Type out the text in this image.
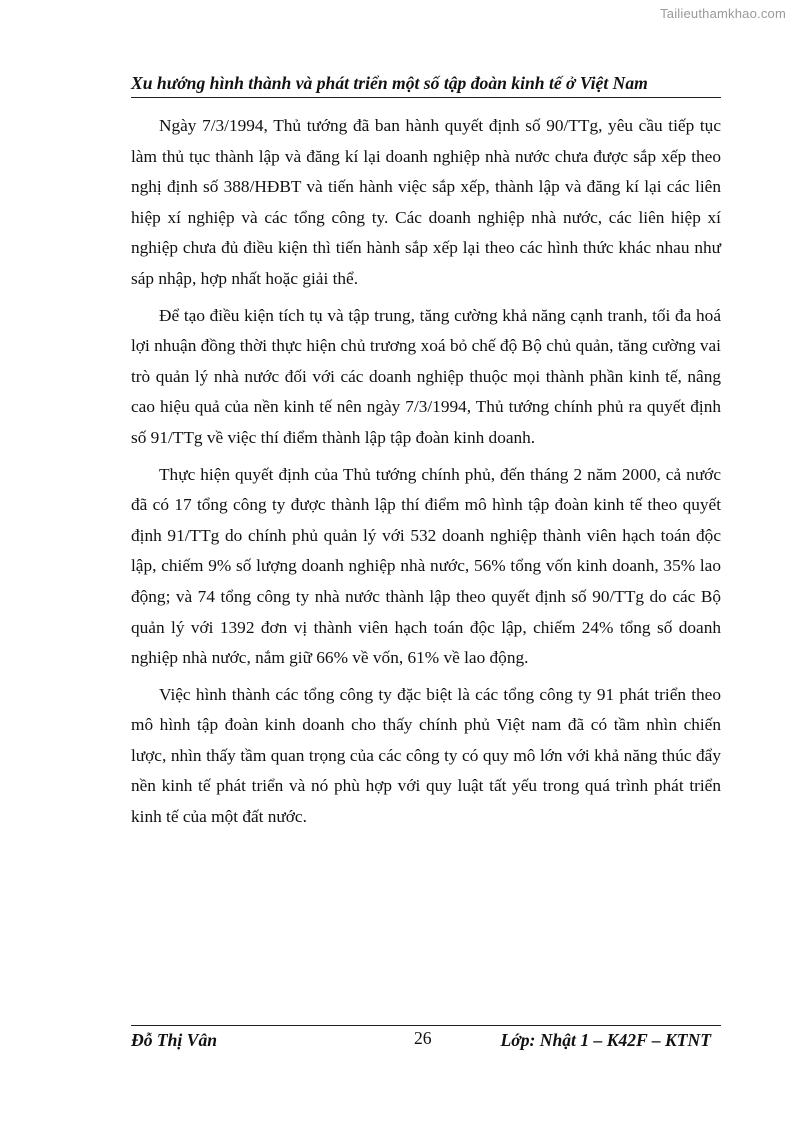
Tailieuthamkhao.com
Xu hướng hình thành và phát triển một số tập đoàn kinh tế ở Việt Nam

Ngày 7/3/1994, Thủ tướng đã ban hành quyết định số 90/TTg, yêu cầu tiếp tục làm thủ tục thành lập và đăng kí lại doanh nghiệp nhà nước chưa được sắp xếp theo nghị định số 388/HĐBT và tiến hành việc sắp xếp, thành lập và đăng kí lại các liên hiệp xí nghiệp và các tổng công ty. Các doanh nghiệp nhà nước, các liên hiệp xí nghiệp chưa đủ điều kiện thì tiến hành sắp xếp lại theo các hình thức khác nhau như sáp nhập, hợp nhất hoặc giải thể.

Để tạo điều kiện tích tụ và tập trung, tăng cường khả năng cạnh tranh, tối đa hoá lợi nhuận đồng thời thực hiện chủ trương xoá bỏ chế độ Bộ chủ quản, tăng cường vai trò quản lý nhà nước đối với các doanh nghiệp thuộc mọi thành phần kinh tế, nâng cao hiệu quả của nền kinh tế nên ngày 7/3/1994, Thủ tướng chính phủ ra quyết định số 91/TTg về việc thí điểm thành lập tập đoàn kinh doanh.

Thực hiện quyết định của Thủ tướng chính phủ, đến tháng 2 năm 2000, cả nước đã có 17 tổng công ty được thành lập thí điểm mô hình tập đoàn kinh tế theo quyết định 91/TTg do chính phủ quản lý với 532 doanh nghiệp thành viên hạch toán độc lập, chiếm 9% số lượng doanh nghiệp nhà nước, 56% tổng vốn kinh doanh, 35% lao động; và 74 tổng công ty nhà nước thành lập theo quyết định số 90/TTg do các Bộ quản lý với 1392 đơn vị thành viên hạch toán độc lập, chiếm 24% tổng số doanh nghiệp nhà nước, nắm giữ 66% về vốn, 61% về lao động.

Việc hình thành các tổng công ty đặc biệt là các tổng công ty 91 phát triển theo mô hình tập đoàn kinh doanh cho thấy chính phủ Việt nam đã có tầm nhìn chiến lược, nhìn thấy tầm quan trọng của các công ty có quy mô lớn với khả năng thúc đẩy nền kinh tế phát triển và nó phù hợp với quy luật tất yếu trong quá trình phát triển kinh tế của một đất nước.

Đỗ Thị Vân	26	Lớp: Nhật 1 – K42F – KTNT
